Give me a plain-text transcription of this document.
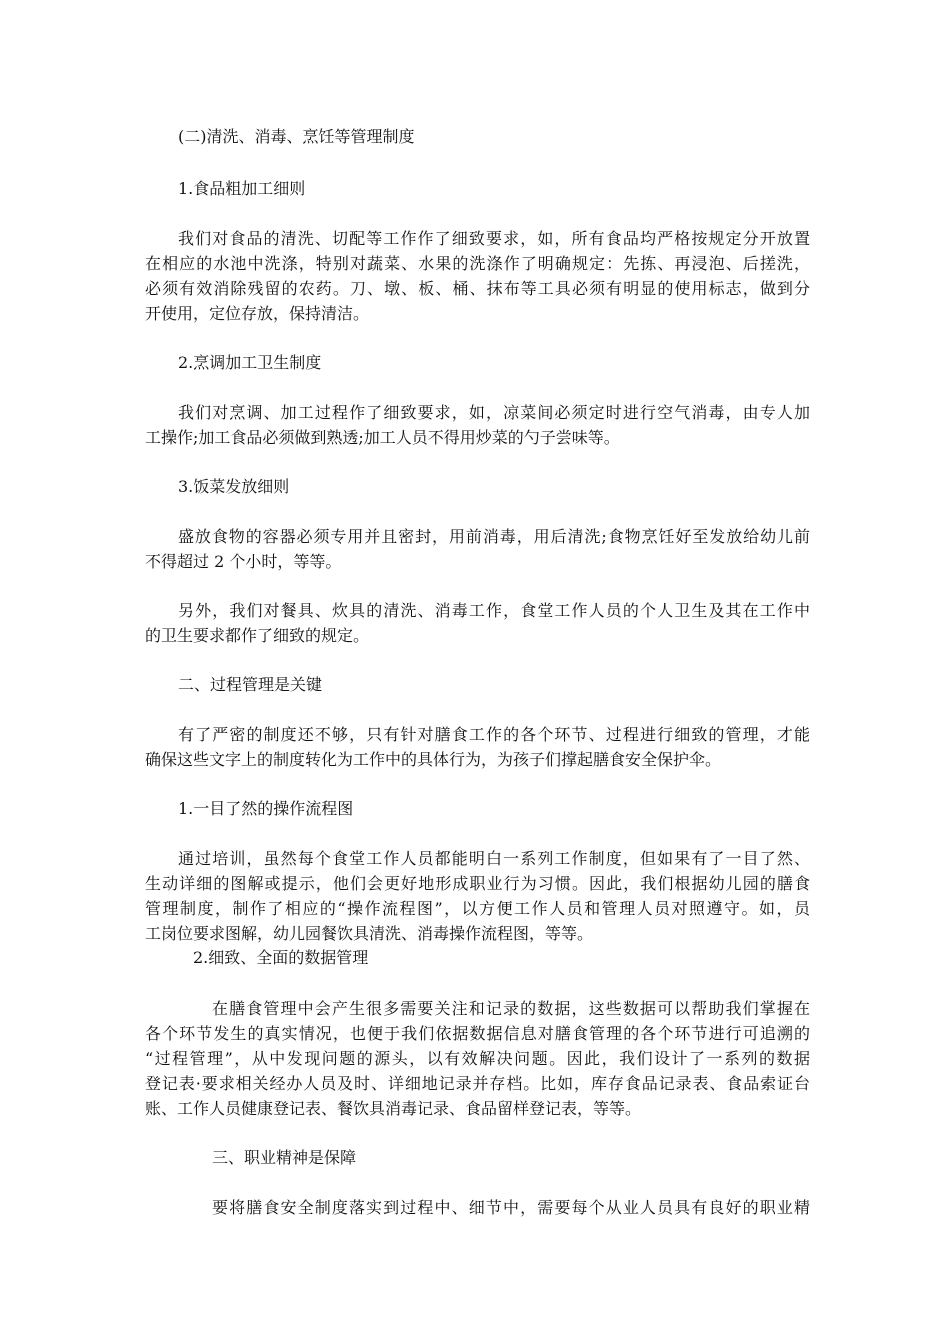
(二)清洗、消毒、烹饪等管理制度
1.食品粗加工细则
我们对食品的清洗、切配等工作作了细致要求，如，所有食品均严格按规定分开放置
在相应的水池中洗涤，特别对蔬菜、水果的洗涤作了明确规定：先拣、再浸泡、后搓洗，
必须有效消除残留的农药。刀、墩、板、桶、抹布等工具必须有明显的使用标志，做到分
开使用，定位存放，保持清洁。
2.烹调加工卫生制度
我们对烹调、加工过程作了细致要求，如，凉菜间必须定时进行空气消毒，由专人加
工操作;加工食品必须做到熟透;加工人员不得用炒菜的勺子尝味等。
3.饭菜发放细则
盛放食物的容器必须专用并且密封，用前消毒，用后清洗;食物烹饪好至发放给幼儿前
不得超过 2 个小时，等等。
另外，我们对餐具、炊具的清洗、消毒工作，食堂工作人员的个人卫生及其在工作中
的卫生要求都作了细致的规定。
二、过程管理是关键
有了严密的制度还不够，只有针对膳食工作的各个环节、过程进行细致的管理，才能
确保这些文字上的制度转化为工作中的具体行为，为孩子们撑起膳食安全保护伞。
1.一目了然的操作流程图
通过培训，虽然每个食堂工作人员都能明白一系列工作制度，但如果有了一目了然、
生动详细的图解或提示，他们会更好地形成职业行为习惯。因此，我们根据幼儿园的膳食
管理制度，制作了相应的“操作流程图”，以方便工作人员和管理人员对照遵守。如，员
工岗位要求图解，幼儿园餐饮具清洗、消毒操作流程图，等等。
2.细致、全面的数据管理
在膳食管理中会产生很多需要关注和记录的数据，这些数据可以帮助我们掌握在
各个环节发生的真实情况，也便于我们依据数据信息对膳食管理的各个环节进行可追溯的
“过程管理”，从中发现问题的源头，以有效解决问题。因此，我们设计了一系列的数据
登记表·要求相关经办人员及时、详细地记录并存档。比如，库存食品记录表、食品索证台
账、工作人员健康登记表、餐饮具消毒记录、食品留样登记表，等等。
三、职业精神是保障
要将膳食安全制度落实到过程中、细节中，需要每个从业人员具有良好的职业精
